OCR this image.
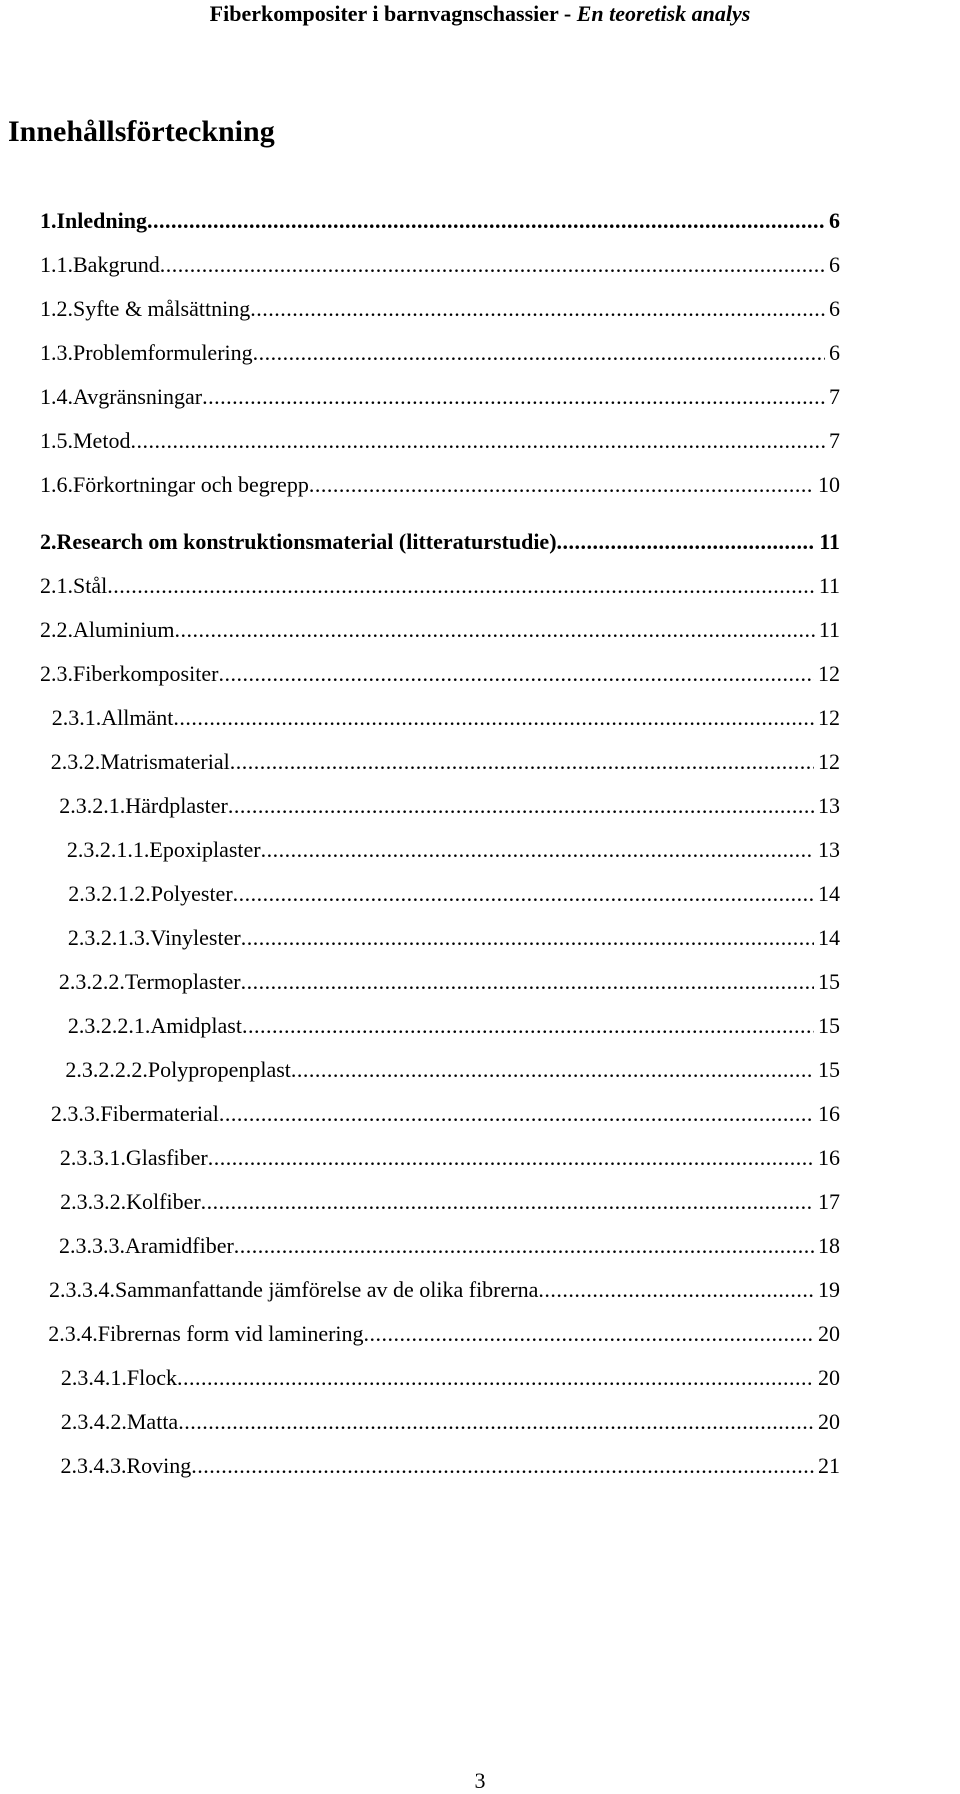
Fiberkompositer i barnvagnschassier - En teoretisk analys
Innehållsförteckning
1. Inledning .....	6
1.1. Bakgrund .....	6
1.2. Syfte & målsättning .....	6
1.3. Problemformulering .....	6
1.4. Avgränsningar .....	7
1.5. Metod .....	7
1.6. Förkortningar och begrepp .....	10
2. Research om konstruktionsmaterial (litteraturstudie) .....	11
2.1. Stål .....	11
2.2. Aluminium .....	11
2.3. Fiberkompositer .....	12
2.3.1. Allmänt .....	12
2.3.2. Matrismaterial .....	12
2.3.2.1. Härdplaster .....	13
2.3.2.1.1. Epoxiplaster .....	13
2.3.2.1.2. Polyester .....	14
2.3.2.1.3. Vinylester .....	14
2.3.2.2. Termoplaster .....	15
2.3.2.2.1. Amidplast .....	15
2.3.2.2.2. Polypropenplast .....	15
2.3.3. Fibermaterial .....	16
2.3.3.1. Glasfiber .....	16
2.3.3.2. Kolfiber .....	17
2.3.3.3. Aramidfiber .....	18
2.3.3.4. Sammanfattande jämförelse av de olika fibrerna .....	19
2.3.4. Fibrernas form vid laminering .....	20
2.3.4.1. Flock .....	20
2.3.4.2. Matta .....	20
2.3.4.3. Roving .....	21
3
